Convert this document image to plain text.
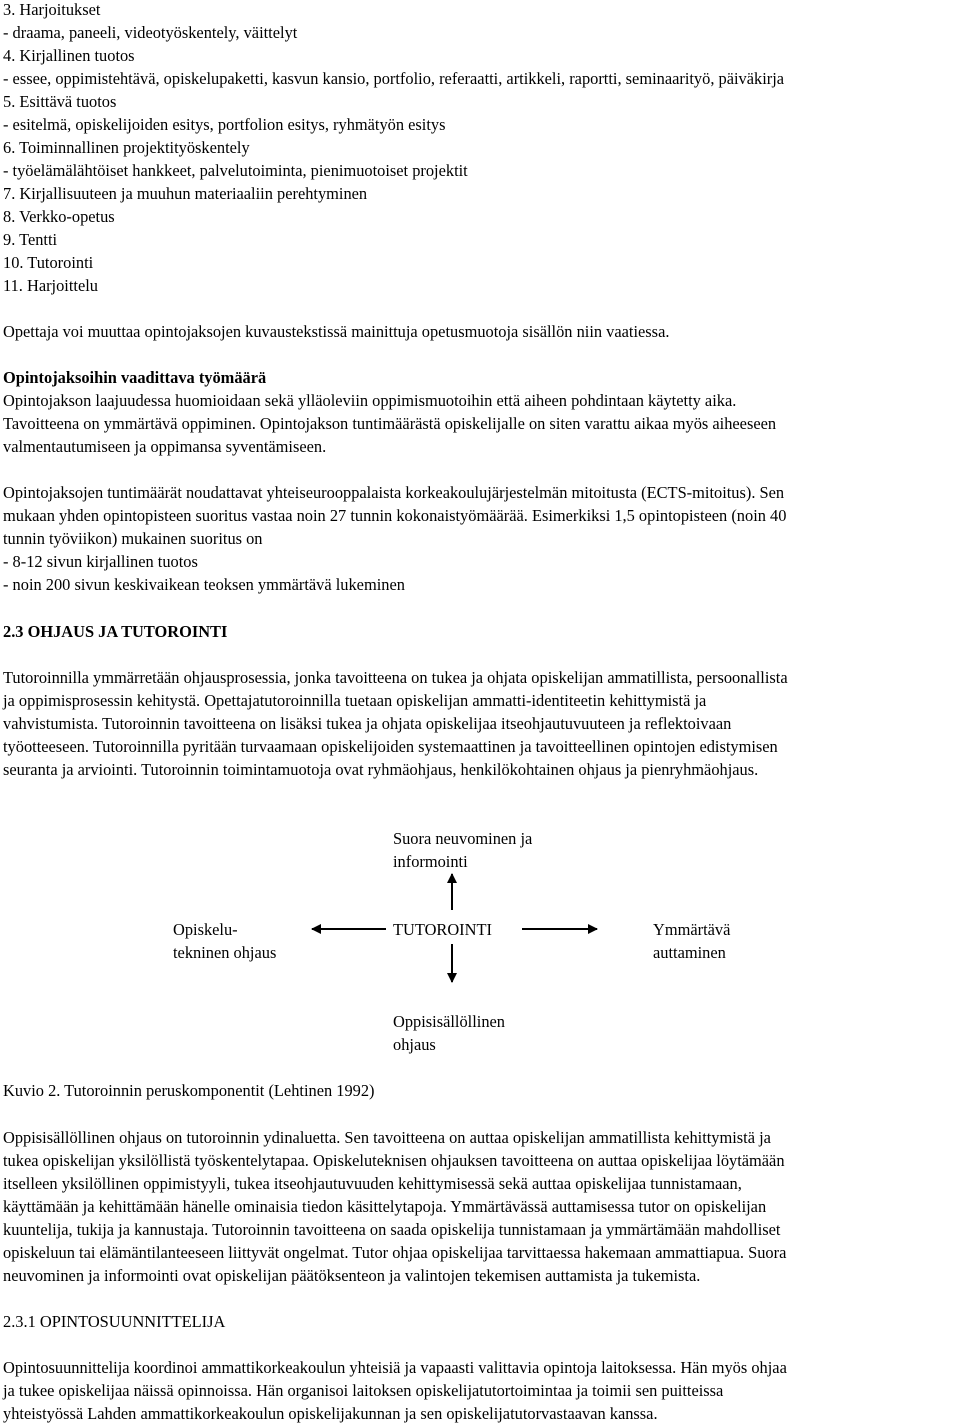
3. Harjoitukset
- draama, paneeli, videotyöskentely, väittelyt
4. Kirjallinen tuotos
- essee, oppimistehtävä, opiskelupaketti, kasvun kansio, portfolio, referaatti, artikkeli, raportti, seminaarityö, päiväkirja
5. Esittävä tuotos
- esitelmä, opiskelijoiden esitys, portfolion esitys, ryhmätyön esitys
6. Toiminnallinen projektityöskentely
- työelämälähtöiset hankkeet, palvelutoiminta, pienimuotoiset projektit
7. Kirjallisuuteen ja muuhun materiaaliin perehtyminen
8. Verkko-opetus
9. Tentti
10. Tutorointi
11. Harjoittelu
Opettaja voi muuttaa opintojaksojen kuvaustekstissä mainittuja opetusmuotoja sisällön niin vaatiessa.
Opintojaksoihin vaadittava työmäärä
Opintojakson laajuudessa huomioidaan sekä ylläoleviin oppimismuotoihin että aiheen pohdintaan käytetty aika.
Tavoitteena on ymmärtävä oppiminen. Opintojakson tuntimäärästä opiskelijalle on siten varattu aikaa myös aiheeseen
valmentautumiseen ja oppimansa syventämiseen.
Opintojaksojen tuntimäärät noudattavat yhteiseurooppalaista korkeakoulujärjestelmän mitoitusta (ECTS-mitoitus). Sen
mukaan yhden opintopisteen suoritus vastaa noin 27 tunnin kokonaistyömäärää. Esimerkiksi 1,5 opintopisteen (noin 40
tunnin työviikon) mukainen suoritus on
- 8-12 sivun kirjallinen tuotos
- noin 200 sivun keskivaikean teoksen ymmärtävä lukeminen
2.3 OHJAUS JA TUTOROINTI
Tutoroinnilla ymmärretään ohjausprosessia, jonka tavoitteena on tukea ja ohjata opiskelijan ammatillista, persoonallista
ja oppimisprosessin kehitystä. Opettajatutoroinnilla tuetaan opiskelijan ammatti-identiteetin kehittymistä ja
vahvistumista. Tutoroinnin tavoitteena on lisäksi tukea ja ohjata opiskelijaa itseohjautuvuuteen ja reflektoivaan
työotteeseen. Tutoroinnilla pyritään turvaamaan opiskelijoiden systemaattinen ja tavoitteellinen opintojen edistymisen
seuranta ja arviointi. Tutoroinnin toimintamuotoja ovat ryhmäohjaus, henkilökohtainen ohjaus ja pienryhmäohjaus.
Suora neuvominen ja
informointi
Opiskelu-
tekninen ohjaus
TUTOROINTI	Ymmärtävä
auttaminen
Oppisisällöllinen
ohjaus
Kuvio 2. Tutoroinnin peruskomponentit (Lehtinen 1992)
Oppisisällöllinen ohjaus on tutoroinnin ydinaluetta. Sen tavoitteena on auttaa opiskelijan ammatillista kehittymistä ja
tukea opiskelijan yksilöllistä työskentelytapaa. Opiskeluteknisen ohjauksen tavoitteena on auttaa opiskelijaa löytämään
itselleen yksilöllinen oppimistyyli, tukea itseohjautuvuuden kehittymisessä sekä auttaa opiskelijaa tunnistamaan,
käyttämään ja kehittämään hänelle ominaisia tiedon käsittelytapoja. Ymmärtävässä auttamisessa tutor on opiskelijan
kuuntelija, tukija ja kannustaja. Tutoroinnin tavoitteena on saada opiskelija tunnistamaan ja ymmärtämään mahdolliset
opiskeluun tai elämäntilanteeseen liittyvät ongelmat. Tutor ohjaa opiskelijaa tarvittaessa hakemaan ammattiapua. Suora
neuvominen ja informointi ovat opiskelijan päätöksenteon ja valintojen tekemisen auttamista ja tukemista.
2.3.1 OPINTOSUUNNITTELIJA
Opintosuunnittelija koordinoi ammattikorkeakoulun yhteisiä ja vapaasti valittavia opintoja laitoksessa. Hän myös ohjaa
ja tukee opiskelijaa näissä opinnoissa. Hän organisoi laitoksen opiskelijatutortoimintaa ja toimii sen puitteissa
yhteistyössä Lahden ammattikorkeakoulun opiskelijakunnan ja sen opiskelijatutorvastaavan kanssa.
